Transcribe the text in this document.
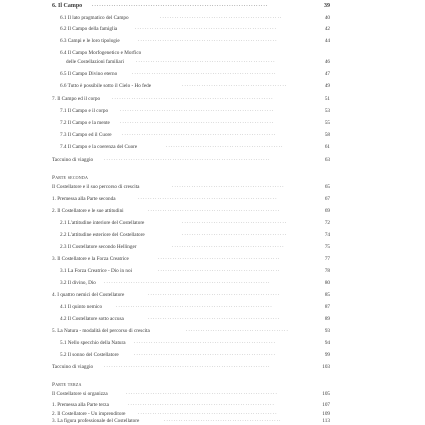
6. Il Campo ........................................................................	39
6.1 Il lato pragmatico del Campo	..................................................	40
6.2 Il Campo della famiglia	..........................................................	42
6.3 Campi e le loro tipologie	.........................................................	44
6.4 Il Campo Morfogenetico e Morfico
delle Costellazioni familiari .........................................................	46
6.5 Il Campo Divino eterno	...........................................................	47
6.6 Tutto è possibile sotto il Cielo - Ho fede	...........................................	49
7. Il Campo ed il corpo ..................................................................	51
7.1 Il Campo e il corpo ...............................................................	53
7.2 Il Campo e la mente ...............................................................	55
7.3 Il Campo ed il Cuore ...............................................................	58
7.4 Il Campo e la coerenza del Cuore	................................................	61
Taccuino di viaggio ....................................................................	63
Parte seconda
Il Costellatore e il suo percorso di crescita	..............................................	65
1. Premessa alla Parte seconda	.........................................................	67
2. Il Costellatore e le sue attitudini	......................................................	69
2.1 L'attitudine interiore del Costellatore	...........................................	72
2.2 L'attitudine esteriore del Costellatore	...........................................	74
2.3 Il Costellatore secondo Hellinger	..............................................	75
3. Il Costellatore e la Forza Creatrice	..................................................	77
3.1 La Forza Creatrice - Dio in noi	..................................................	78
3.2 Il divino, Dio ....................................................................	80
4. I quattro nemici del Costellatore	......................................................	85
4.1 Il quinto nemico	................................................................	87
4.2 Il Costellatore sotto accusa	......................................................	89
5. La Natura - modalità del percorso di crescita	..........................................	93
5.1 Nello specchio della Natura ..........................................................	94
5.2 Il sonno del Costellatore	..........................................................	99
Taccuino di viaggio ....................................................................	103
Parte terza
Il Costellatore si organizza	..............................................................	105
1. Premessa alla Parte terza	............................................................	107
2. Il Costellatore - Un imprenditore	.........................................................	109
3. La figura professionale del Costellatore	................................................	113
